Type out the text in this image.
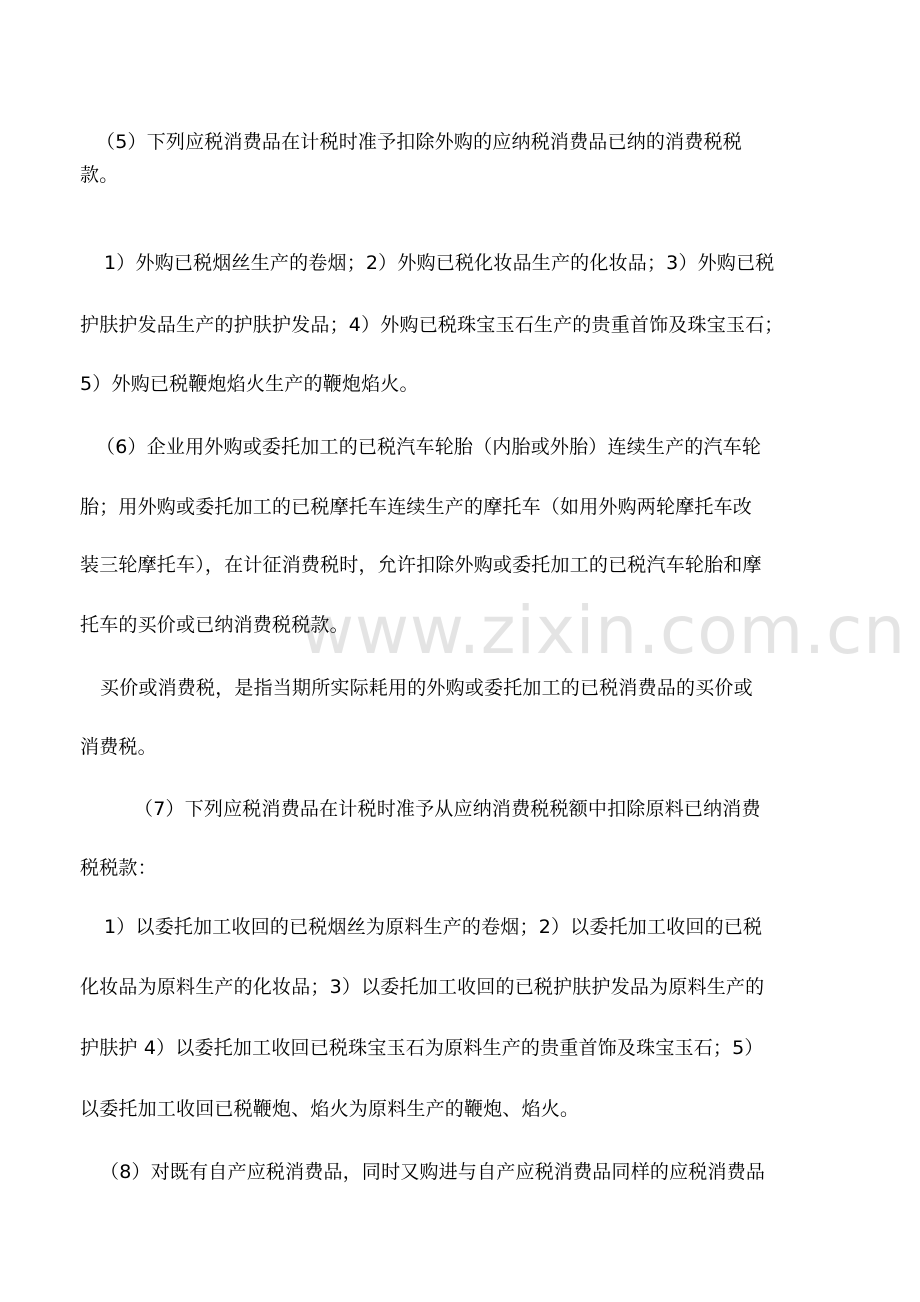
www.zixin.com.cn
（5）下列应税消费品在计税时准予扣除外购的应纳税消费品已纳的消费税税
款。
1）外购已税烟丝生产的卷烟；2）外购已税化妆品生产的化妆品；3）外购已税
护肤护发品生产的护肤护发品；4）外购已税珠宝玉石生产的贵重首饰及珠宝玉石；
5）外购已税鞭炮焰火生产的鞭炮焰火。
（6）企业用外购或委托加工的已税汽车轮胎（内胎或外胎）连续生产的汽车轮
胎；用外购或委托加工的已税摩托车连续生产的摩托车（如用外购两轮摩托车改
装三轮摩托车），在计征消费税时，允许扣除外购或委托加工的已税汽车轮胎和摩
托车的买价或已纳消费税税款。
买价或消费税，是指当期所实际耗用的外购或委托加工的已税消费品的买价或
消费税。
（7）下列应税消费品在计税时准予从应纳消费税税额中扣除原料已纳消费
税税款：
1）以委托加工收回的已税烟丝为原料生产的卷烟；2）以委托加工收回的已税
化妆品为原料生产的化妆品；3）以委托加工收回的已税护肤护发品为原料生产的
护肤护 4）以委托加工收回已税珠宝玉石为原料生产的贵重首饰及珠宝玉石；5）
以委托加工收回已税鞭炮、焰火为原料生产的鞭炮、焰火。
（8）对既有自产应税消费品，同时又购进与自产应税消费品同样的应税消费品
